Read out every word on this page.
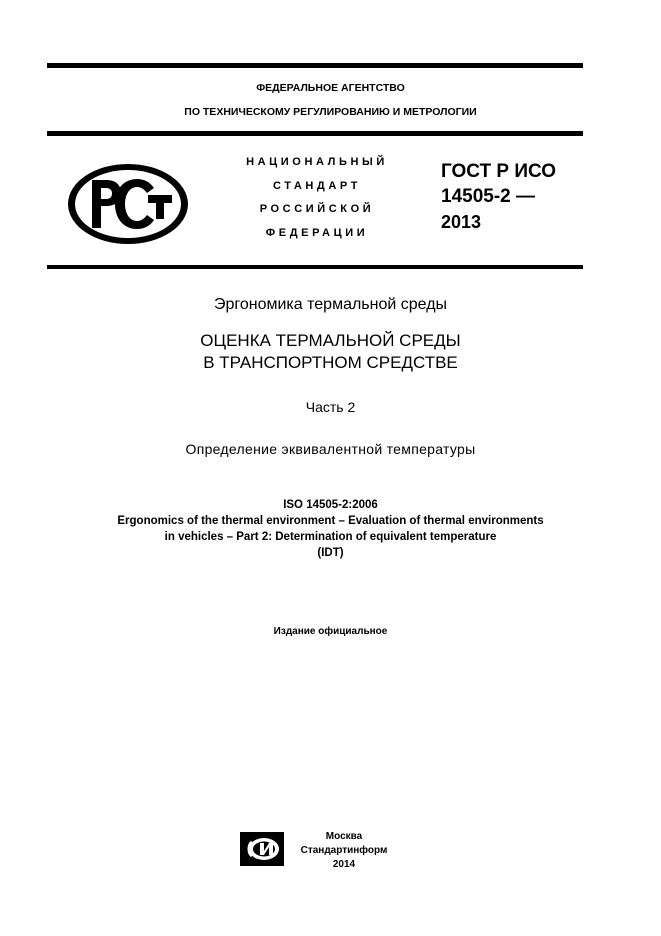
ФЕДЕРАЛЬНОЕ АГЕНТСТВО
ПО ТЕХНИЧЕСКОМУ РЕГУЛИРОВАНИЮ И МЕТРОЛОГИИ
НАЦИОНАЛЬНЫЙ
СТАНДАРТ
РОССИЙСКОЙ
ФЕДЕРАЦИИ
ГОСТ Р ИСО
14505-2 —
2013
Эргономика термальной среды
ОЦЕНКА ТЕРМАЛЬНОЙ СРЕДЫ
В ТРАНСПОРТНОМ СРЕДСТВЕ
Часть 2
Определение эквивалентной температуры
ISO 14505-2:2006
Ergonomics of the thermal environment – Evaluation of thermal environments
in vehicles – Part 2: Determination of equivalent temperature
(IDT)
Издание официальное
Москва
Стандартинформ
2014
